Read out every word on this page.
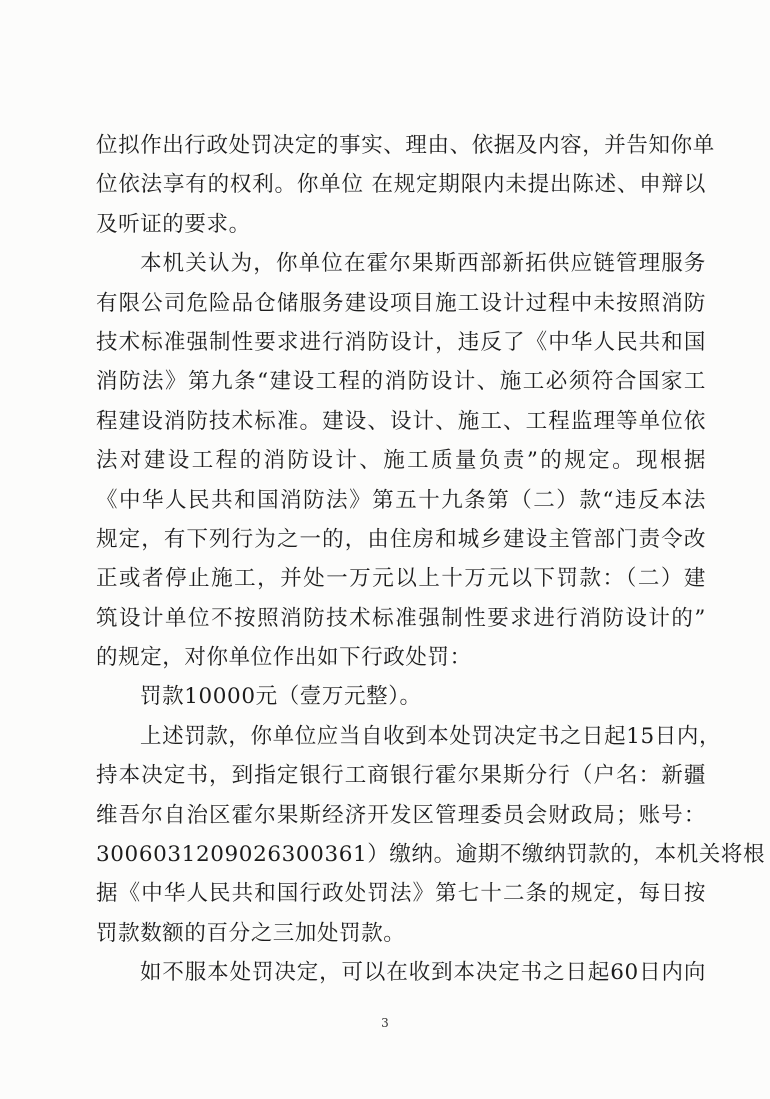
位拟作出行政处罚决定的事实、理由、依据及内容，并告知你单
位依法享有的权利。你单位 在规定期限内未提出陈述、申辩以
及听证的要求。
本机关认为，你单位在霍尔果斯西部新拓供应链管理服务
有限公司危险品仓储服务建设项目施工设计过程中未按照消防
技术标准强制性要求进行消防设计，违反了《中华人民共和国
消防法》第九条“建设工程的消防设计、施工必须符合国家工
程建设消防技术标准。建设、设计、施工、工程监理等单位依
法对建设工程的消防设计、施工质量负责”的规定。现根据
《中华人民共和国消防法》第五十九条第（二）款“违反本法
规定，有下列行为之一的，由住房和城乡建设主管部门责令改
正或者停止施工，并处一万元以上十万元以下罚款：（二）建
筑设计单位不按照消防技术标准强制性要求进行消防设计的”
的规定，对你单位作出如下行政处罚：
罚款10000元（壹万元整）。
上述罚款，你单位应当自收到本处罚决定书之日起15日内，
持本决定书，到指定银行工商银行霍尔果斯分行（户名：新疆
维吾尔自治区霍尔果斯经济开发区管理委员会财政局；账号：
3006031209026300361）缴纳。逾期不缴纳罚款的，本机关将根
据《中华人民共和国行政处罚法》第七十二条的规定，每日按
罚款数额的百分之三加处罚款。
如不服本处罚决定，可以在收到本决定书之日起60日内向
3
